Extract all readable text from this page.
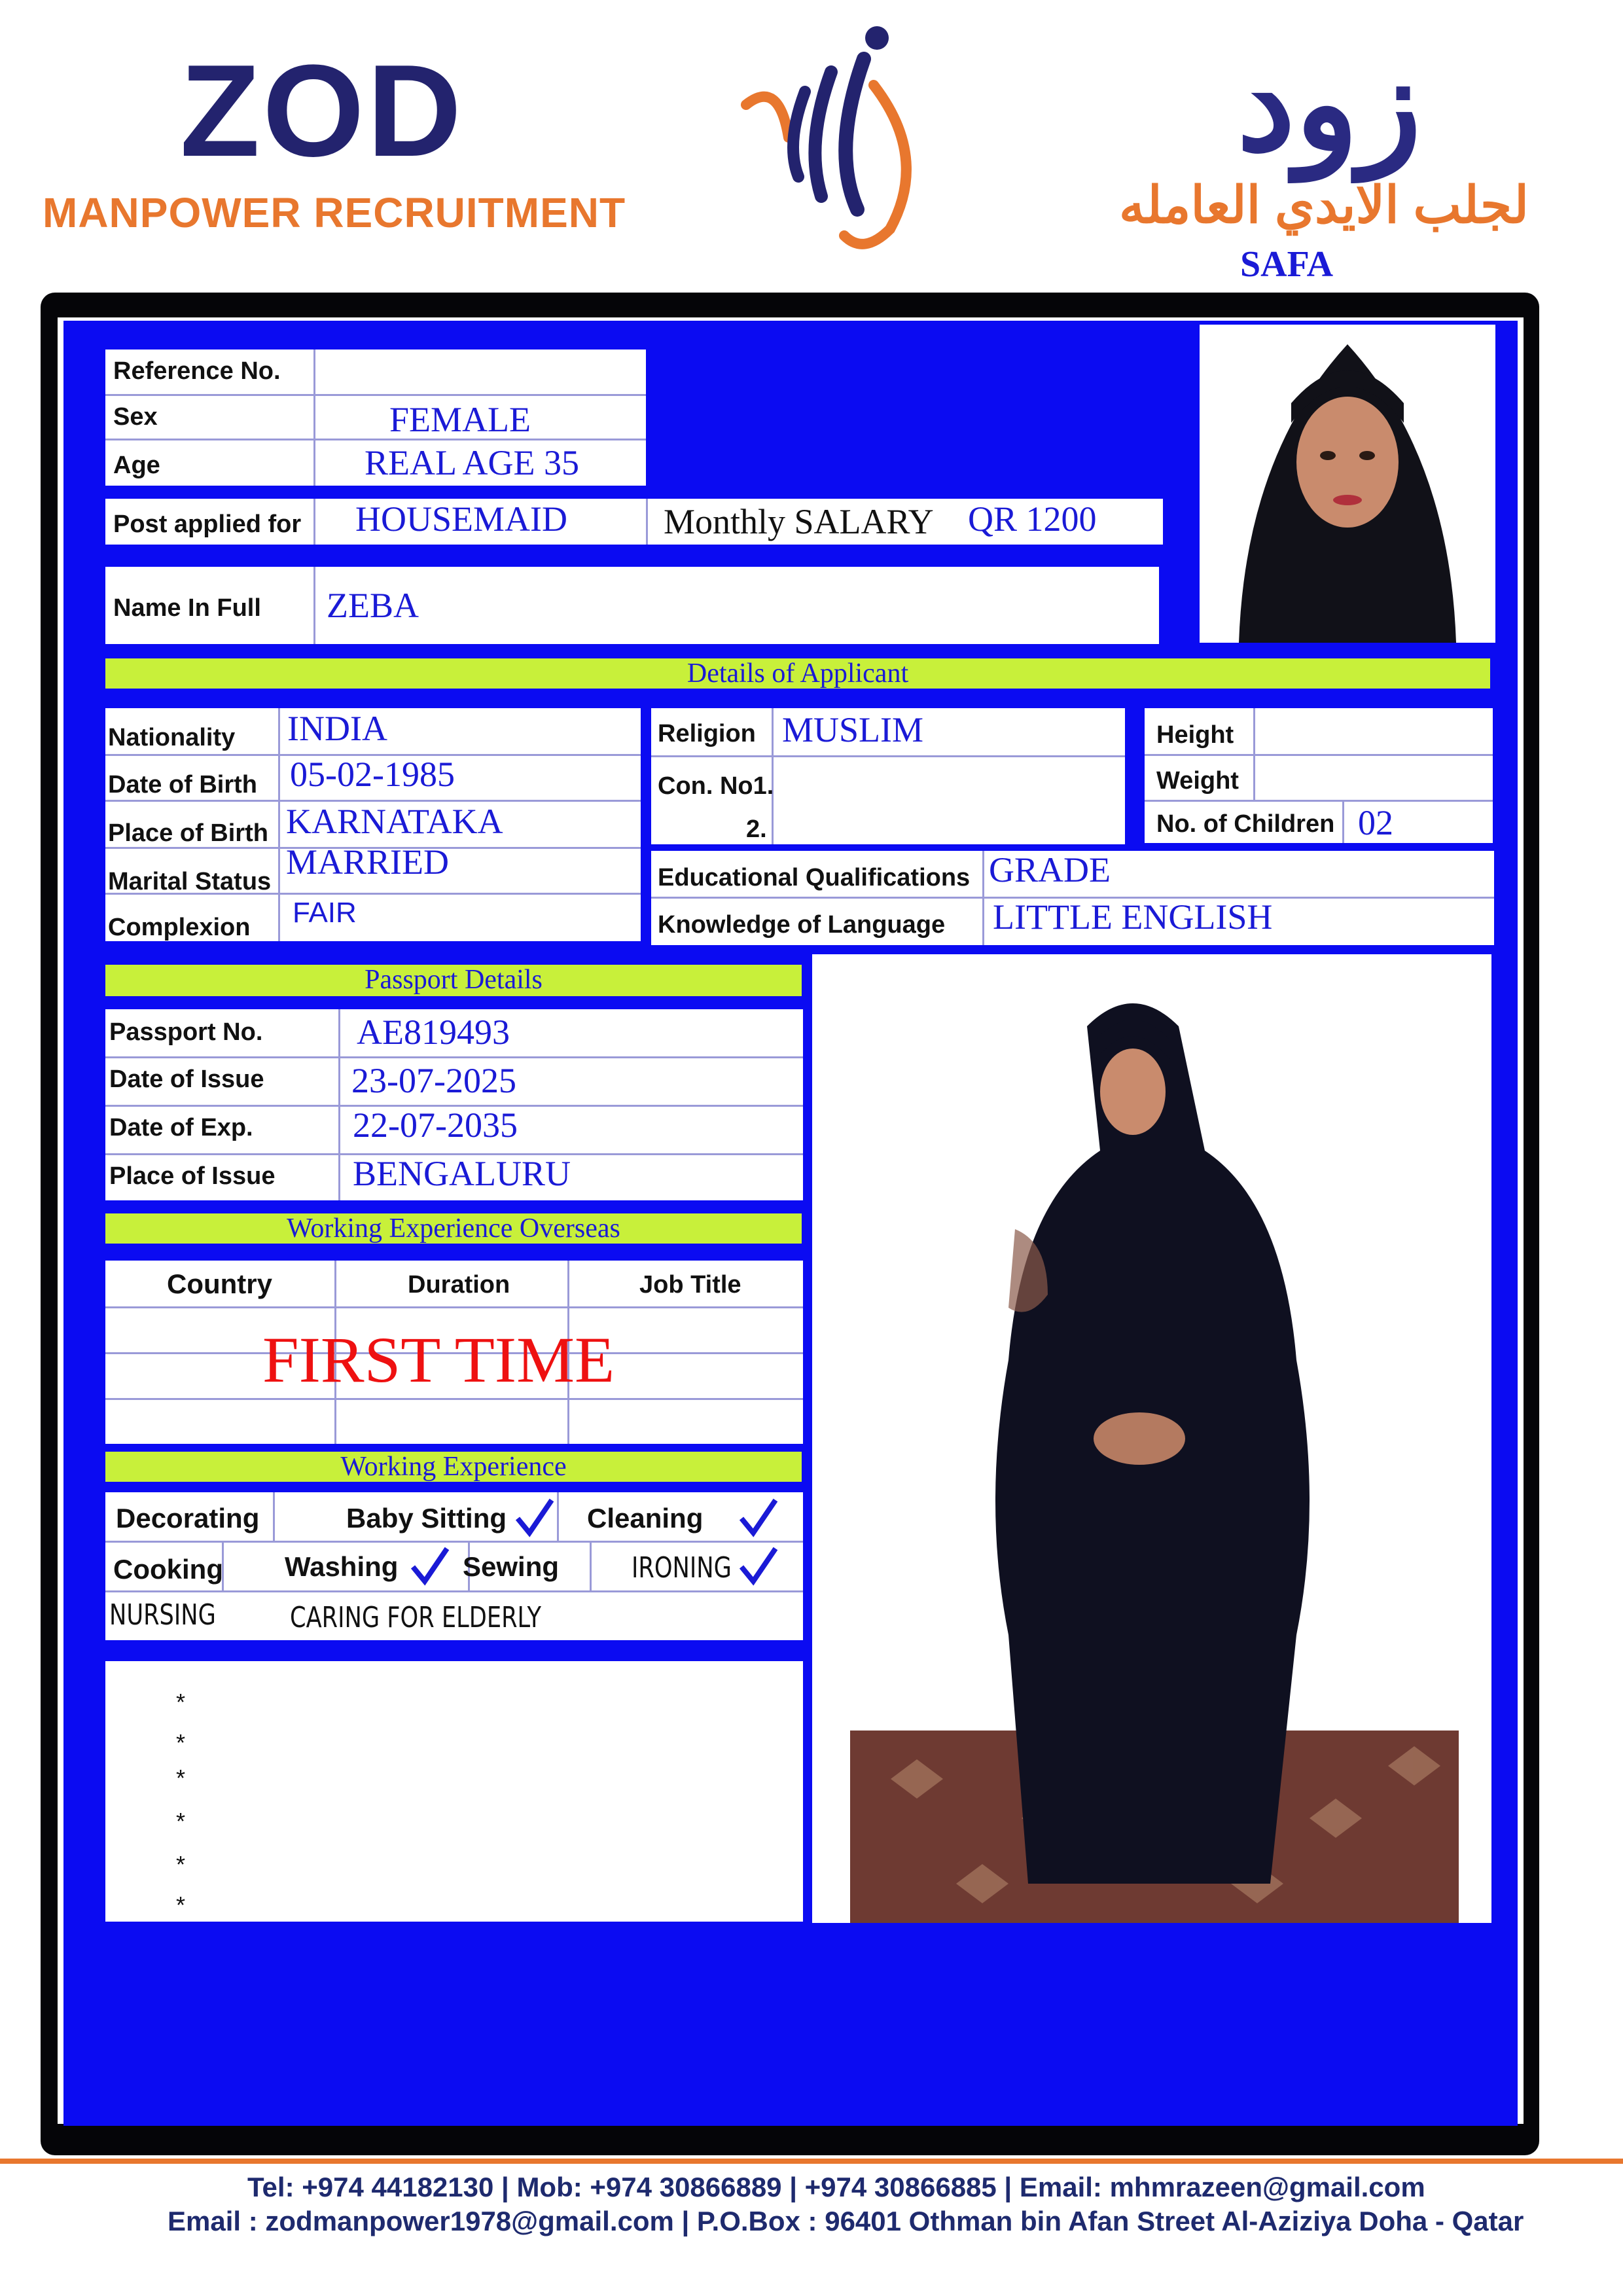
ZOD
MANPOWER RECRUITMENT
زود
لجلب الايدي العامله
SAFA
Reference No.
Sex	FEMALE
Age	REAL AGE 35
Post applied for HOUSEMAID	Monthly SALARY QR 1200
Name In Full ZEBA
Details of Applicant
Nationality INDIA
Date of Birth 05-02-1985
Place of Birth KARNATAKA
Marital Status MARRIED
Complexion FAIR
Religion MUSLIM
Con. No1.
2.
Height
Weight
No. of Children 02
Educational Qualifications GRADE
Knowledge of Language LITTLE ENGLISH
Passport Details
Passport No.	AE819493
Date of Issue 23-07-2025
Date of Exp.	22-07-2035
Place of Issue BENGALURU
Working Experience Overseas
Country	Duration	Job Title
FIRST TIME
Working Experience
Decorating	Baby Sitting	Cleaning
Cooking Washing Sewing	IRONING
NURSING	CARING FOR ELDERLY
*
*
*
*
*
*
Tel: +974 44182130 | Mob: +974 30866889 | +974 30866885 | Email: mhmrazeen@gmail.com
Email : zodmanpower1978@gmail.com | P.O.Box : 96401 Othman bin Afan Street Al-Aziziya Doha - Qatar
